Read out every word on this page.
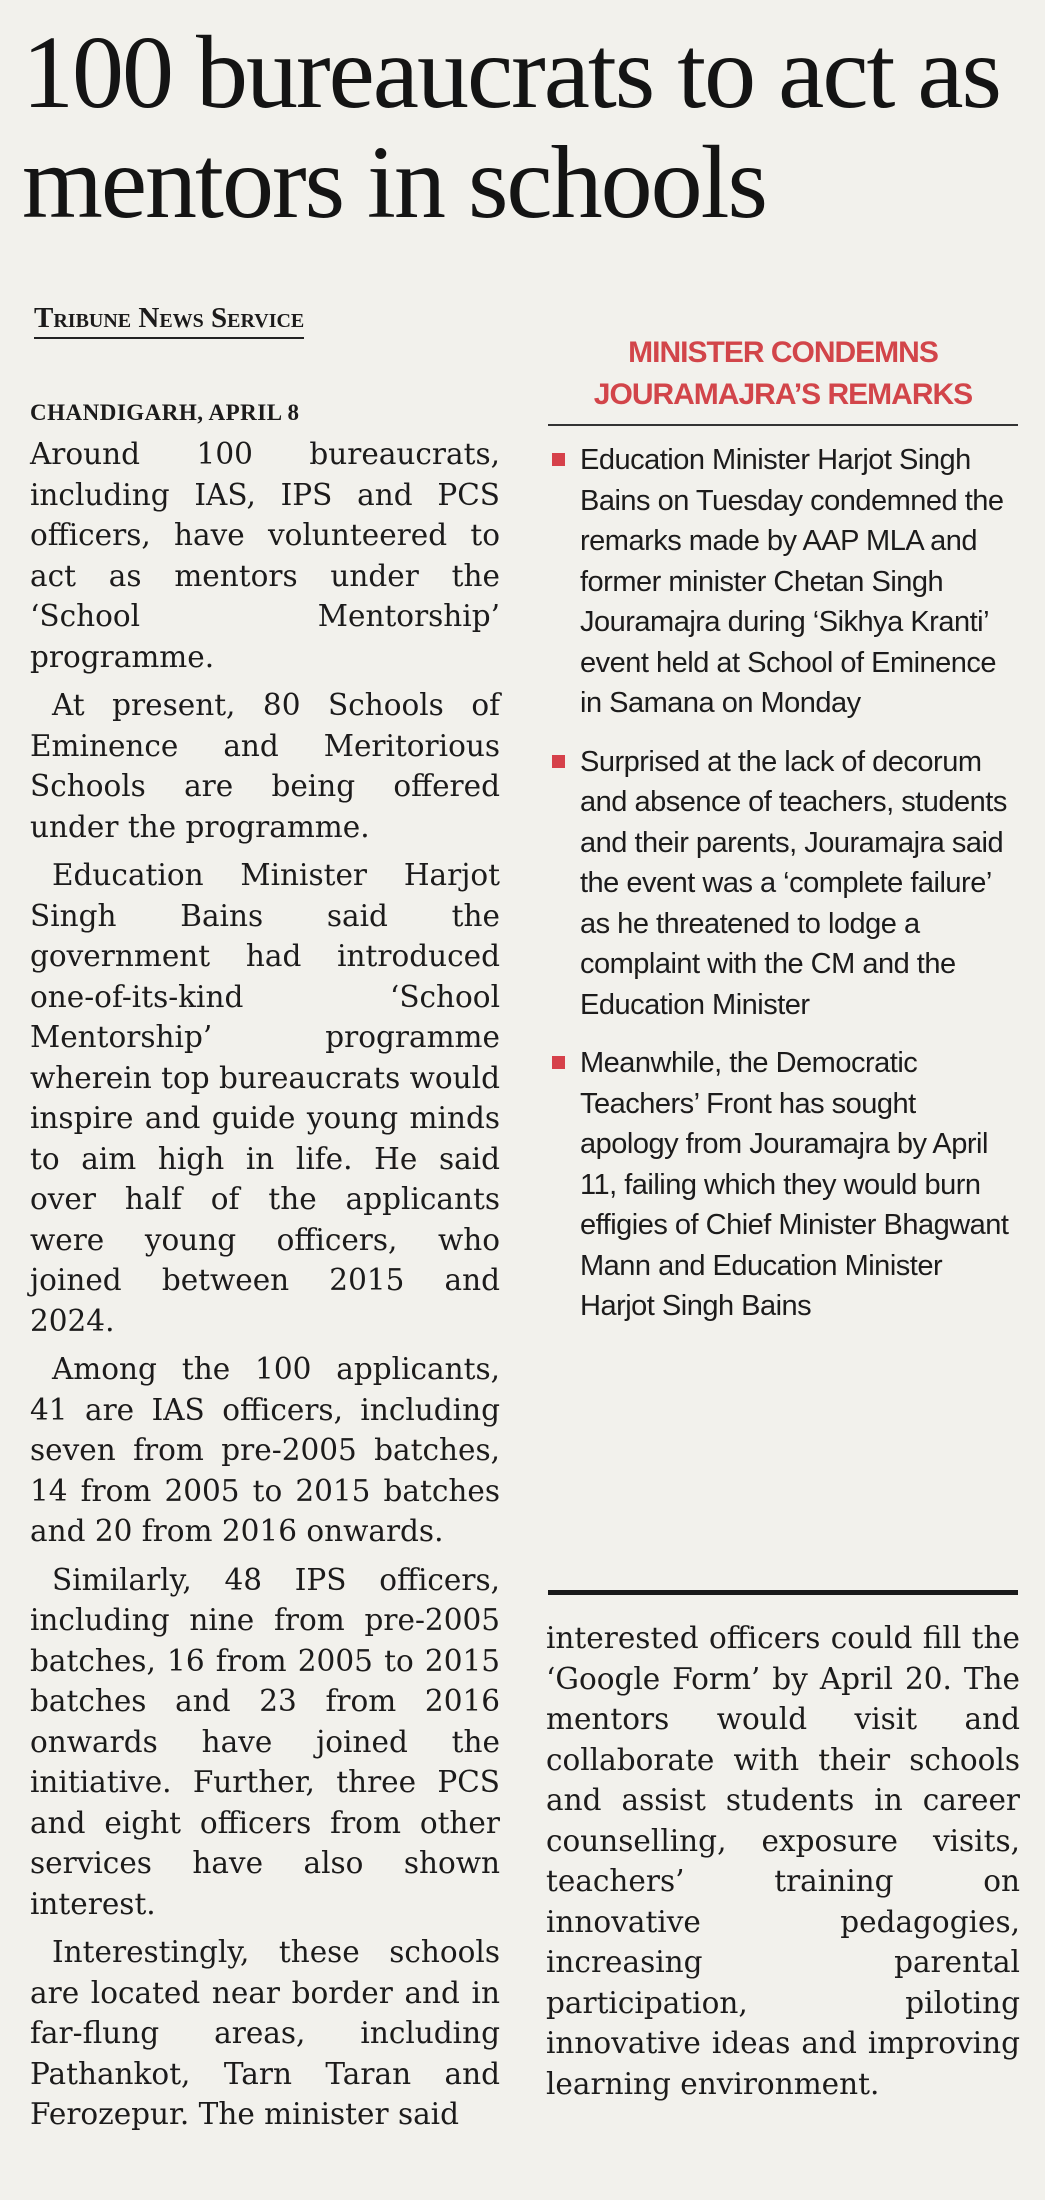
100 bureaucrats to act as mentors in schools
Tribune News Service
CHANDIGARH, APRIL 8

Around 100 bureaucrats, including IAS, IPS and PCS officers, have volunteered to act as mentors under the ‘School Mentorship’ programme.

At present, 80 Schools of Eminence and Meritorious Schools are being offered under the programme.

Education Minister Harjot Singh Bains said the government had introduced one-of-its-kind ‘School Mentorship’ programme wherein top bureaucrats would inspire and guide young minds to aim high in life. He said over half of the applicants were young officers, who joined between 2015 and 2024.

Among the 100 applicants, 41 are IAS officers, including seven from pre-2005 batches, 14 from 2005 to 2015 batches and 20 from 2016 onwards.

Similarly, 48 IPS officers, including nine from pre-2005 batches, 16 from 2005 to 2015 batches and 23 from 2016 onwards have joined the initiative. Further, three PCS and eight officers from other services have also shown interest.

Interestingly, these schools are located near border and in far-flung areas, including Pathankot, Tarn Taran and Ferozepur. The minister said

MINISTER CONDEMNS
JOURAMAJRA’S REMARKS
Education Minister Harjot Singh Bains on Tuesday condemned the remarks made by AAP MLA and former minister Chetan Singh Jouramajra during ‘Sikhya Kranti’ event held at School of Eminence in Samana on Monday
Surprised at the lack of decorum and absence of teachers, students and their parents, Jouramajra said the event was a ‘complete failure’ as he threatened to lodge a complaint with the CM and the Education Minister
Meanwhile, the Democratic Teachers’ Front has sought apology from Jouramajra by April 11, failing which they would burn effigies of Chief Minister Bhagwant Mann and Education Minister Harjot Singh Bains

interested officers could fill the ‘Google Form’ by April 20. The mentors would visit and collaborate with their schools and assist students in career counselling, exposure visits, teachers’ training on innovative pedagogies, increasing parental participation, piloting innovative ideas and improving learning environment.
